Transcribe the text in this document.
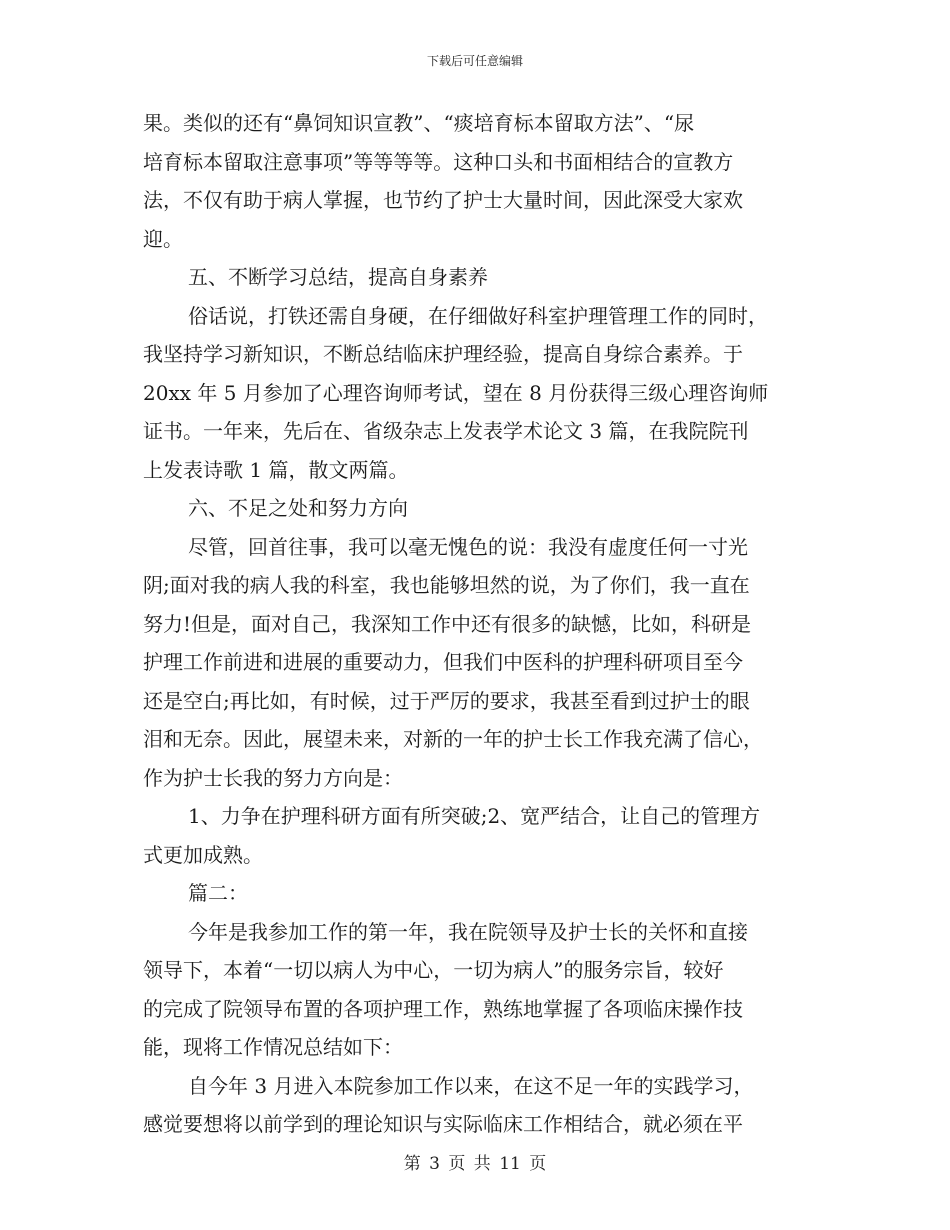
下载后可任意编辑
果。类似的还有“鼻饲知识宣教”、“痰培育标本留取方法”、“尿
培育标本留取注意事项”等等等等。这种口头和书面相结合的宣教方
法，不仅有助于病人掌握，也节约了护士大量时间，因此深受大家欢
迎。
五、不断学习总结，提高自身素养
俗话说，打铁还需自身硬，在仔细做好科室护理管理工作的同时，
我坚持学习新知识，不断总结临床护理经验，提高自身综合素养。于
20xx 年 5 月参加了心理咨询师考试，望在 8 月份获得三级心理咨询师
证书。一年来，先后在、省级杂志上发表学术论文 3 篇，在我院院刊
上发表诗歌 1 篇，散文两篇。
六、不足之处和努力方向
尽管，回首往事，我可以毫无愧色的说：我没有虚度任何一寸光
阴;面对我的病人我的科室，我也能够坦然的说，为了你们，我一直在
努力!但是，面对自己，我深知工作中还有很多的缺憾，比如，科研是
护理工作前进和进展的重要动力，但我们中医科的护理科研项目至今
还是空白;再比如，有时候，过于严厉的要求，我甚至看到过护士的眼
泪和无奈。因此，展望未来，对新的一年的护士长工作我充满了信心，
作为护士长我的努力方向是：
1、力争在护理科研方面有所突破;2、宽严结合，让自己的管理方
式更加成熟。
篇二：
今年是我参加工作的第一年，我在院领导及护士长的关怀和直接
领导下，本着“一切以病人为中心，一切为病人”的服务宗旨，较好
的完成了院领导布置的各项护理工作，熟练地掌握了各项临床操作技
能，现将工作情况总结如下：
自今年 3 月进入本院参加工作以来，在这不足一年的实践学习，
感觉要想将以前学到的理论知识与实际临床工作相结合，就必须在平
第 3 页 共 11 页
